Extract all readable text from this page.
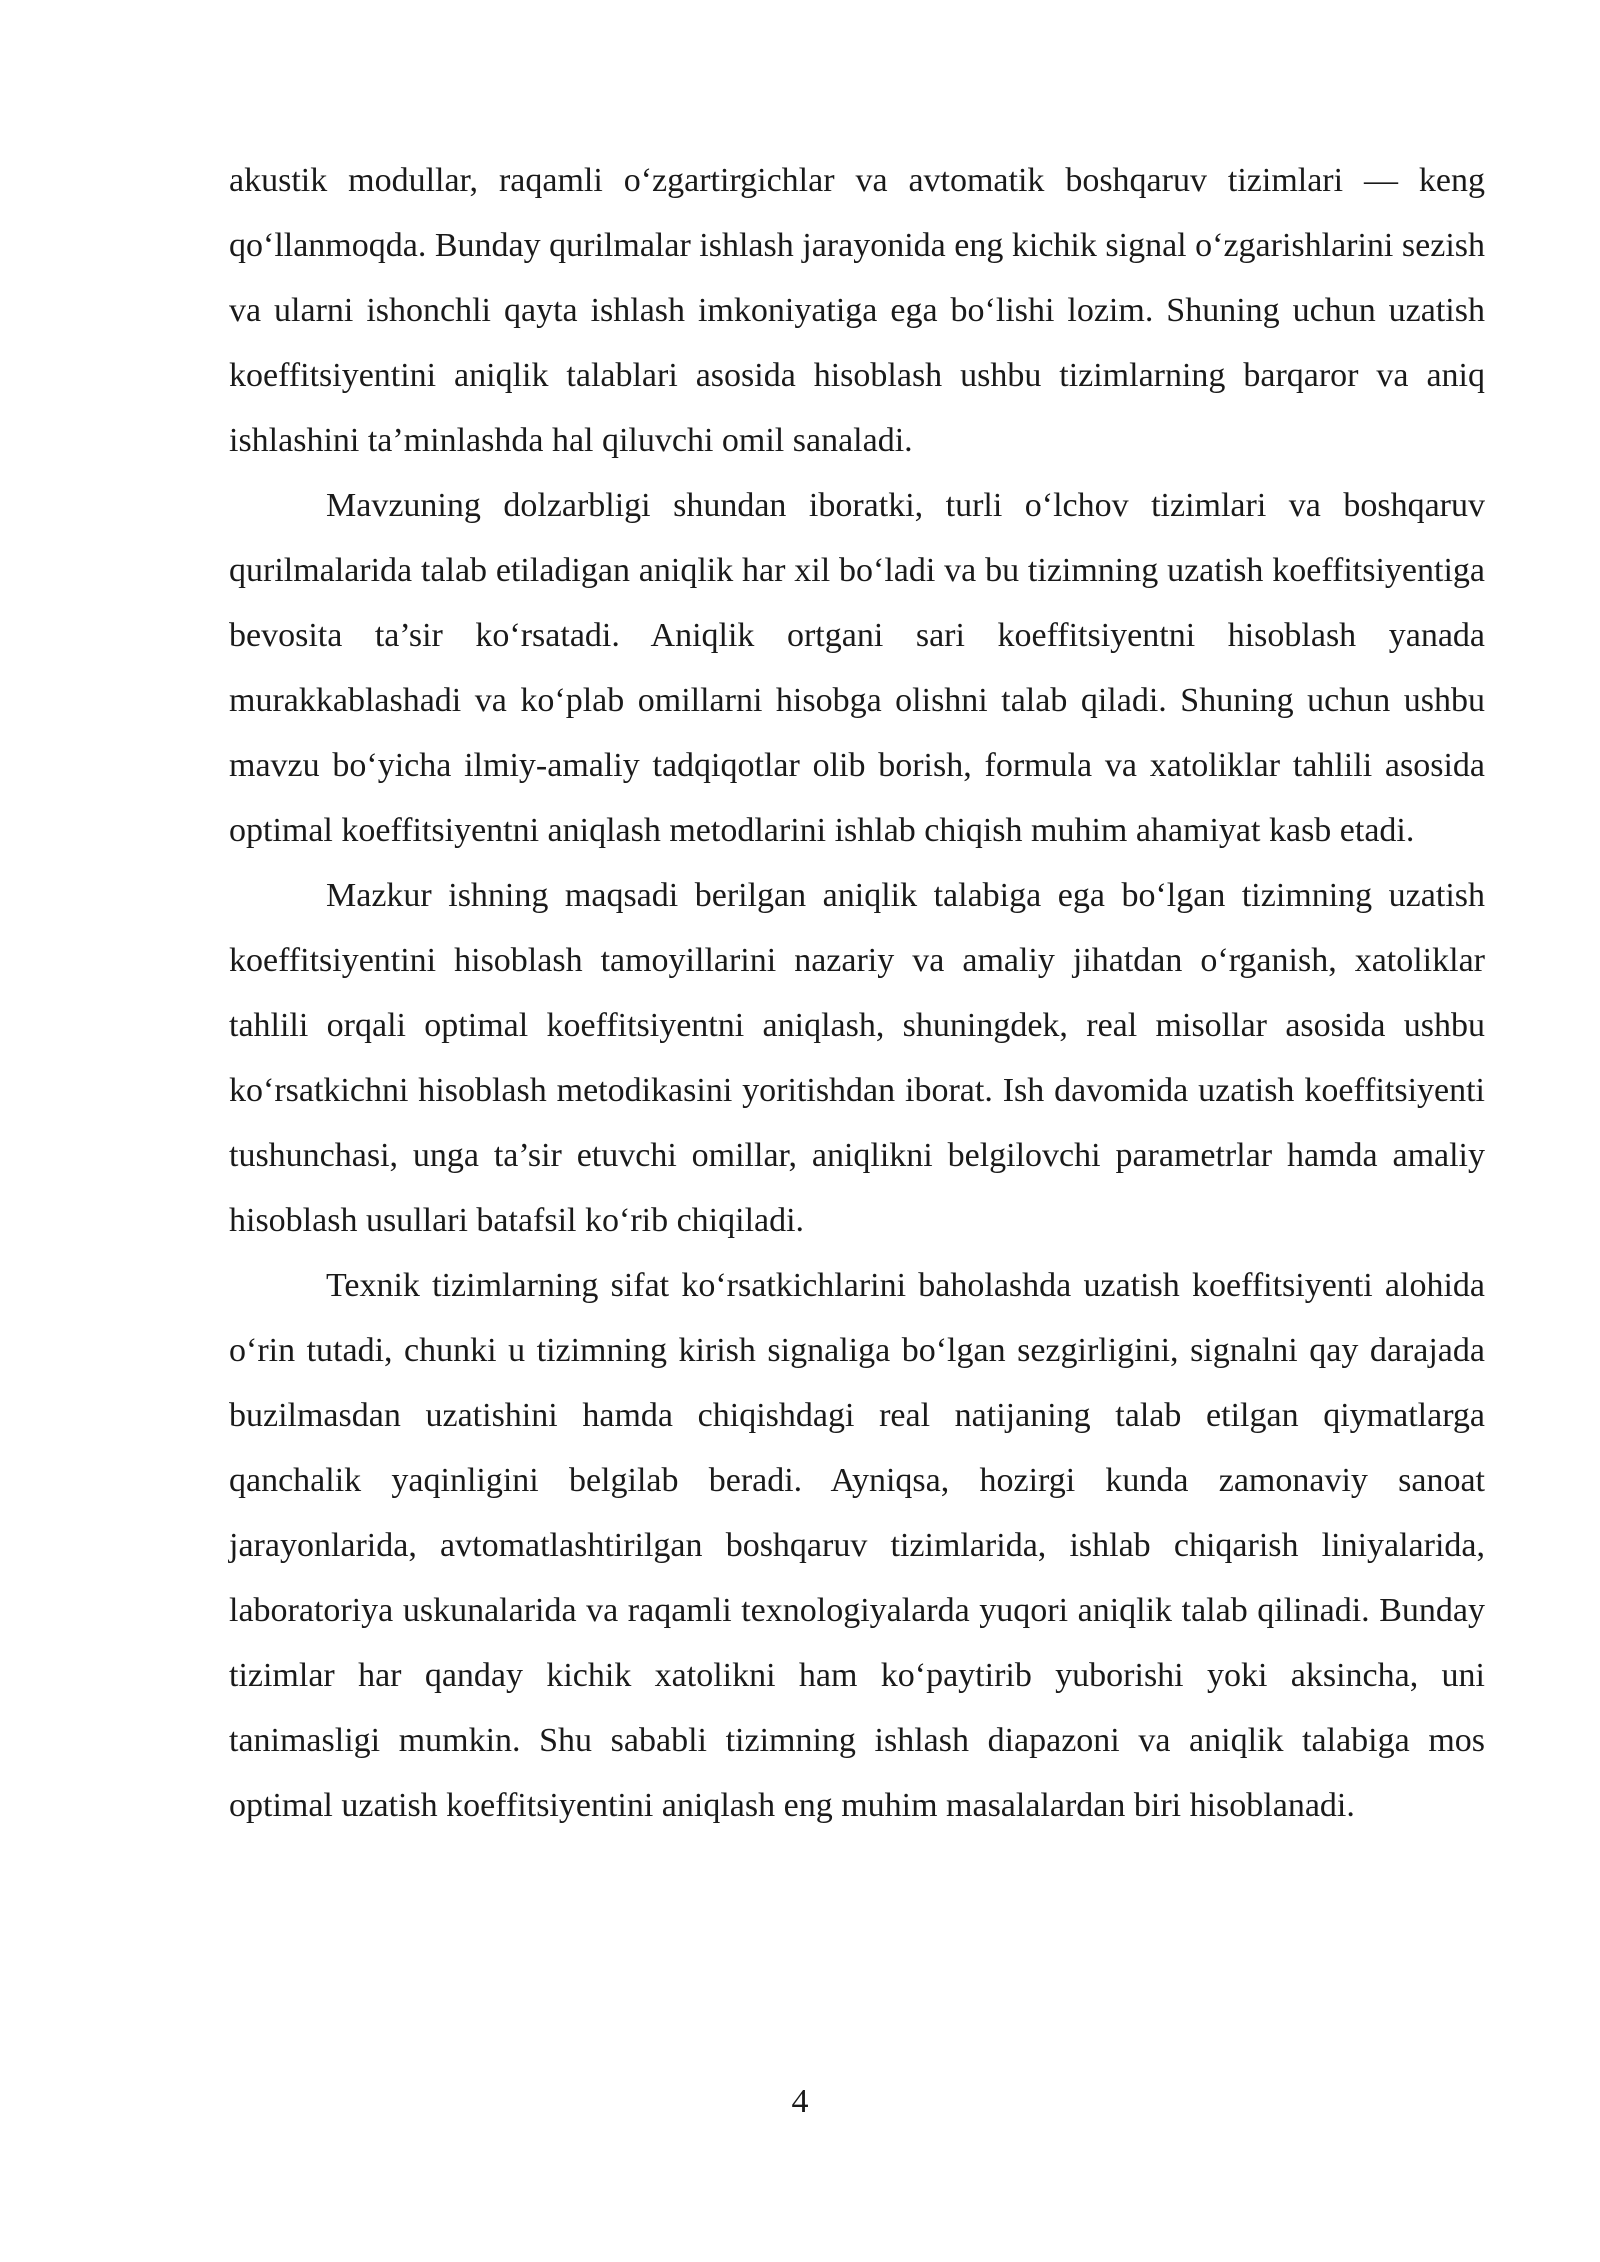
akustik modullar, raqamli o‘zgartirgichlar va avtomatik boshqaruv tizimlari — keng qo‘llanmoqda. Bunday qurilmalar ishlash jarayonida eng kichik signal o‘zgarishlarini sezish va ularni ishonchli qayta ishlash imkoniyatiga ega bo‘lishi lozim. Shuning uchun uzatish koeffitsiyentini aniqlik talablari asosida hisoblash ushbu tizimlarning barqaror va aniq ishlashini ta’minlashda hal qiluvchi omil sanaladi.

Mavzuning dolzarbligi shundan iboratki, turli o‘lchov tizimlari va boshqaruv qurilmalarida talab etiladigan aniqlik har xil bo‘ladi va bu tizimning uzatish koeffitsiyentiga bevosita ta’sir ko‘rsatadi. Aniqlik ortgani sari koeffitsiyentni hisoblash yanada murakkablashadi va ko‘plab omillarni hisobga olishni talab qiladi. Shuning uchun ushbu mavzu bo‘yicha ilmiy-amaliy tadqiqotlar olib borish, formula va xatoliklar tahlili asosida optimal koeffitsiyentni aniqlash metodlarini ishlab chiqish muhim ahamiyat kasb etadi.

Mazkur ishning maqsadi berilgan aniqlik talabiga ega bo‘lgan tizimning uzatish koeffitsiyentini hisoblash tamoyillarini nazariy va amaliy jihatdan o‘rganish, xatoliklar tahlili orqali optimal koeffitsiyentni aniqlash, shuningdek, real misollar asosida ushbu ko‘rsatkichni hisoblash metodikasini yoritishdan iborat. Ish davomida uzatish koeffitsiyenti tushunchasi, unga ta’sir etuvchi omillar, aniqlikni belgilovchi parametrlar hamda amaliy hisoblash usullari batafsil ko‘rib chiqiladi.

Texnik tizimlarning sifat ko‘rsatkichlarini baholashda uzatish koeffitsiyenti alohida o‘rin tutadi, chunki u tizimning kirish signaliga bo‘lgan sezgirligini, signalni qay darajada buzilmasdan uzatishini hamda chiqishdagi real natijaning talab etilgan qiymatlarga qanchalik yaqinligini belgilab beradi. Ayniqsa, hozirgi kunda zamonaviy sanoat jarayonlarida, avtomatlashtirilgan boshqaruv tizimlarida, ishlab chiqarish liniyalarida, laboratoriya uskunalarida va raqamli texnologiyalarda yuqori aniqlik talab qilinadi. Bunday tizimlar har qanday kichik xatolikni ham ko‘paytirib yuborishi yoki aksincha, uni tanimasligi mumkin. Shu sababli tizimning ishlash diapazoni va aniqlik talabiga mos optimal uzatish koeffitsiyentini aniqlash eng muhim masalalardan biri hisoblanadi.

4
